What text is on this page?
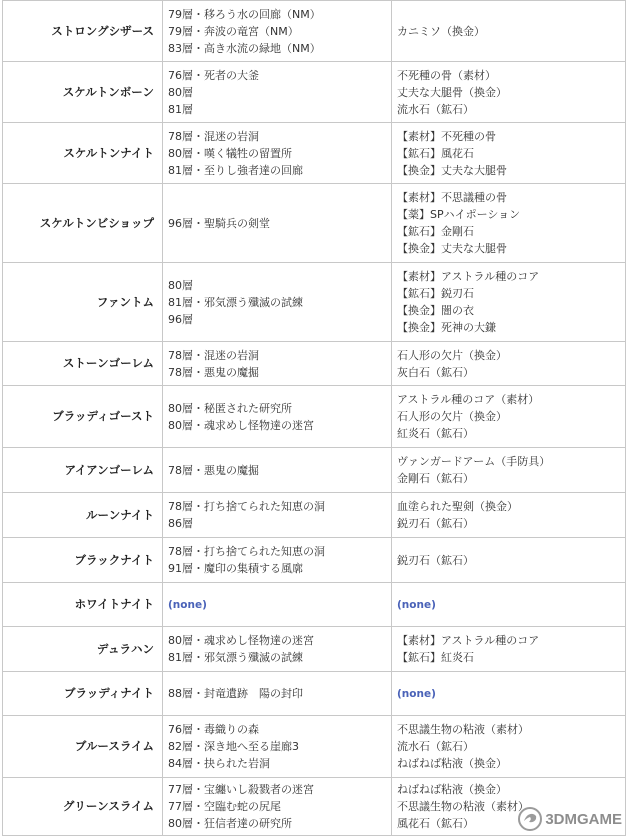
ストロングシザース	79層・移ろう水の回廊（NM）
79層・奔波の竜宮（NM）
83層・高き水流の緑地（NM）	カニミソ（換金）

スケルトンボーン	76層・死者の大釜
80層
81層	不死種の骨（素材）
丈夫な大腿骨（換金）
流水石（鉱石）

スケルトンナイト	78層・混迷の岩洞
80層・嘆く犠牲の留置所
81層・至りし強者達の回廊	【素材】不死種の骨
【鉱石】風花石
【換金】丈夫な大腿骨

スケルトンビショップ	96層・聖騎兵の剣堂	【素材】不思議種の骨
【薬】SPハイポーション
【鉱石】金剛石
【換金】丈夫な大腿骨

ファントム	80層
81層・邪気漂う殲滅の試練
96層	【素材】アストラル種のコア
【鉱石】鋭刃石
【換金】闇の衣
【換金】死神の大鎌

ストーンゴーレム	78層・混迷の岩洞
78層・悪鬼の魔掘	石人形の欠片（換金）
灰白石（鉱石）

ブラッディゴースト	80層・秘匿された研究所
80層・魂求めし怪物達の迷宮	アストラル種のコア（素材）
石人形の欠片（換金）
紅炎石（鉱石）

アイアンゴーレム	78層・悪鬼の魔掘	ヴァンガードアーム（手防具）
金剛石（鉱石）

ルーンナイト	78層・打ち捨てられた知恵の洞
86層	血塗られた聖剣（換金）
鋭刃石（鉱石）

ブラックナイト	78層・打ち捨てられた知恵の洞
91層・魔印の集積する風廓	鋭刃石（鉱石）

ホワイトナイト	(none)	(none)
デュラハン	80層・魂求めし怪物達の迷宮
81層・邪気漂う殲滅の試練	【素材】アストラル種のコア
【鉱石】紅炎石

ブラッディナイト	88層・封竜遺跡　陽の封印	(none)
ブルースライム	76層・毒織りの森
82層・深き地へ至る崖廊3
84層・抉られた岩洞	不思議生物の粘液（素材）
流水石（鉱石）
ねばねば粘液（換金）

グリーンスライム	77層・宝纏いし殺戮者の迷宮
77層・空臨む蛇の尻尾
80層・狂信者達の研究所	ねばねば粘液（換金）
不思議生物の粘液（素材）
風花石（鉱石）	3DMGAME
